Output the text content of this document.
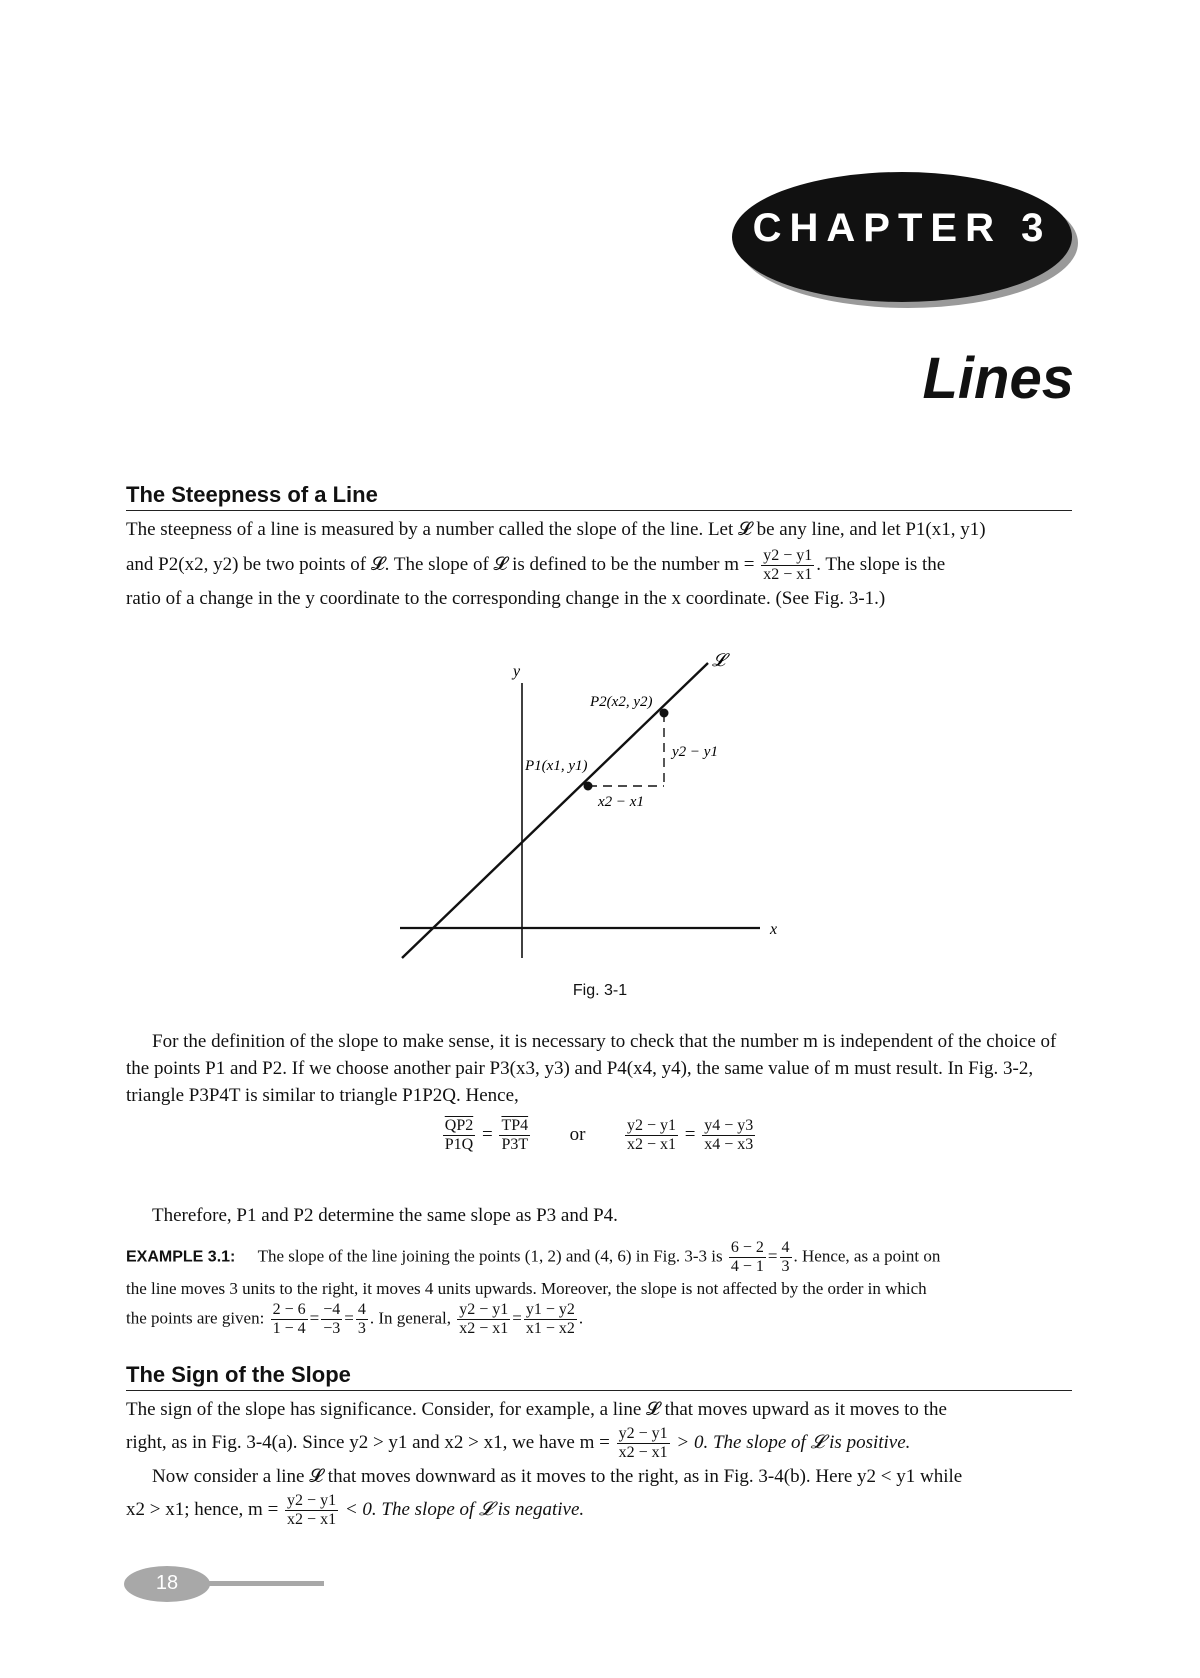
CHAPTER 3
Lines
The Steepness of a Line
The steepness of a line is measured by a number called the slope of the line. Let 𝓛 be any line, and let P1(x1, y1)
and P2(x2, y2) be two points of 𝓛. The slope of 𝓛 is defined to be the number $m = \frac{y2 - y1}{x2 - x1}$ . The slope is the
ratio of a change in the y coordinate to the corresponding change in the x coordinate. (See Fig. 3-1.)
y
x
𝓛
P2(x2, y2)
P1(x1, y1)
y2 − y1
x2 − x1
Fig. 3-1
For the definition of the slope to make sense, it is necessary to check that the number m is independent of the choice of the points P1 and P2. If we choose another pair P3(x3, y3) and P4(x4, y4), the same value of m must result. In Fig. 3-2, triangle P3P4T is similar to triangle P1P2Q. Hence,
$\frac{QP2}{P1Q} = \frac{TP4}{P3T}$ or $\frac{y2 - y1}{x2 - x1} = \frac{y4 - y3}{x4 - x3}$
Therefore, P1 and P2 determine the same slope as P3 and P4.
EXAMPLE 3.1: The slope of the line joining the points (1, 2) and (4, 6) in Fig. 3-3 is $\frac{6 - 2}{4 - 1} = \frac{4}{3}$ . Hence, as a point on
the line moves 3 units to the right, it moves 4 units upwards. Moreover, the slope is not affected by the order in which
the points are given: $\frac{2 - 6}{1 - 4} = \frac{-4}{-3} = \frac{4}{3}$ . In general, $\frac{y2 - y1}{x2 - x1} = \frac{y1 - y2}{x1 - x2}$ .
The Sign of the Slope
The sign of the slope has significance. Consider, for example, a line 𝓛 that moves upward as it moves to the
right, as in Fig. 3-4(a). Since y2 > y1 and x2 > x1, we have $m = \frac{y2 - y1}{x2 - x1} > 0$. The slope of 𝓛 is positive.
Now consider a line 𝓛 that moves downward as it moves to the right, as in Fig. 3-4(b). Here y2 < y1 while
x2 > x1; hence, $m = \frac{y2 - y1}{x2 - x1} < 0$. The slope of 𝓛 is negative.
18
